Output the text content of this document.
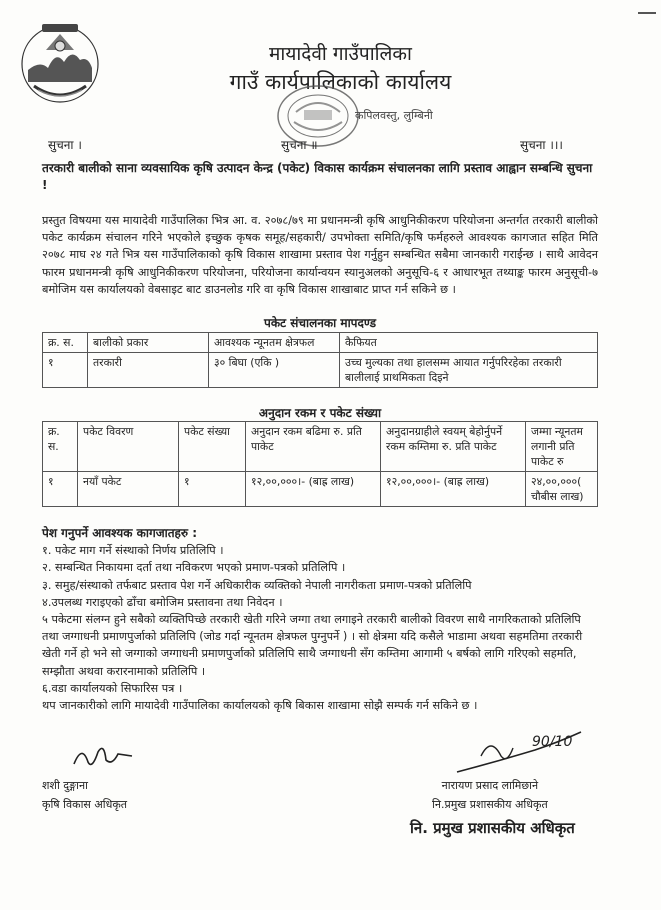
मायादेवी गाउँपालिका
गाउँ कार्यपालिकाको कार्यालय
कपिलवस्तु, लुम्बिनी
सुचना ।	सुचना ॥	सुचना ।।।
तरकारी बालीको साना व्यवसायिक कृषि उत्पादन केन्द्र (पकेट) विकास कार्यक्रम संचालनका लागि प्रस्ताव आह्वान सम्बन्धि सुचना !
प्रस्तुत विषयमा यस मायादेवी गाउँपालिका भित्र आ. व. २०७८/७९ मा प्रधानमन्त्री कृषि आधुनिकीकरण परियोजना अन्तर्गत तरकारी बालीको पकेट कार्यक्रम संचालन गरिने भएकोले इच्छुक कृषक समूह/सहकारी/ उपभोक्ता समिति/कृषि फर्महरुले आवश्यक कागजात सहित मिति २०७८ माघ २४ गते भित्र यस गाउँपालिकाको कृषि विकास शाखामा प्रस्ताव पेश गर्नुहुन सम्बन्धित सबैमा जानकारी गराईन्छ । साथै आवेदन फारम प्रधानमन्त्री कृषि आधुनिकीकरण परियोजना, परियोजना कार्यान्वयन स्यानुअलको अनुसूचि-६ र आधारभूत तथ्याङ्क फारम अनुसूची-७ बमोजिम यस कार्यालयको वेबसाइट बाट डाउनलोड गरि वा कृषि विकास शाखाबाट प्राप्त गर्न सकिने छ ।
पकेट संचालनका मापदण्ड
क्र. स.	बालीको प्रकार	आवश्यक न्यूनतम क्षेत्रफल	कैफियत
१	तरकारी	३० बिघा (एकि )	उच्च मुल्यका तथा हालसम्म आयात गर्नुपरिरहेका तरकारी बालीलाई प्राथमिकता दिइने
अनुदान रकम र पकेट संख्या
क्र. स.	पकेट विवरण	पकेट संख्या	अनुदान रकम बढिमा रु. प्रति पाकेट	अनुदानग्राहीले स्वयम् बेहोर्नुपर्ने रकम कम्तिमा रु. प्रति पाकेट	जम्मा न्यूनतम लगानी प्रति पाकेट रु
१	नयाँ पकेट	१	१२,००,०००।- (बाह्र लाख)	१२,००,०००।- (बाह्र लाख)	२४,००,०००( चौबीस लाख)
पेश गनुपर्ने आवश्यक कागजातहरु :
१. पकेट माग गर्ने संस्थाको निर्णय प्रतिलिपि ।
२. सम्बन्धित निकायमा दर्ता तथा नविकरण भएको प्रमाण-पत्रको प्रतिलिपि ।
३. समुह/संस्थाको तर्फबाट प्रस्ताव पेश गर्ने अधिकारीक व्यक्तिको नेपाली नागरीकता प्रमाण-पत्रको प्रतिलिपि
४.उपलब्ध गराइएको ढाँचा बमोजिम प्रस्तावना तथा निवेदन ।
५ पकेटमा संलग्न हुने सबैको व्यक्तिपिच्छे तरकारी खेती गरिने जग्गा तथा लगाइने तरकारी बालीको विवरण साथै नागरिकताको प्रतिलिपि तथा जग्गाधनी प्रमाणपुर्जाको प्रतिलिपि (जोड गर्दा न्यूनतम क्षेत्रफल पुग्नुपर्ने ) । सो क्षेत्रमा यदि कसैले भाडामा अथवा सहमतिमा तरकारी खेती गर्ने हो भने सो जग्गाको जग्गाधनी प्रमाणपुर्जाको प्रतिलिपि साथै जग्गाधनी सँग कम्तिमा आगामी ५ बर्षको लागि गरिएको सहमति, सम्झौता अथवा करारनामाको प्रतिलिपि ।
६.वडा कार्यालयको सिफारिस पत्र ।
थप जानकारीको लागि मायादेवी गाउँपालिका कार्यालयको कृषि बिकास शाखामा सोझै सम्पर्क गर्न सकिने छ ।
शशी दुङ्गाना
कृषि विकास अधिकृत
90/10
नारायण प्रसाद लामिछाने
नि.प्रमुख प्रशासकीय अधिकृत
नि. प्रमुख प्रशासकीय अधिकृत
